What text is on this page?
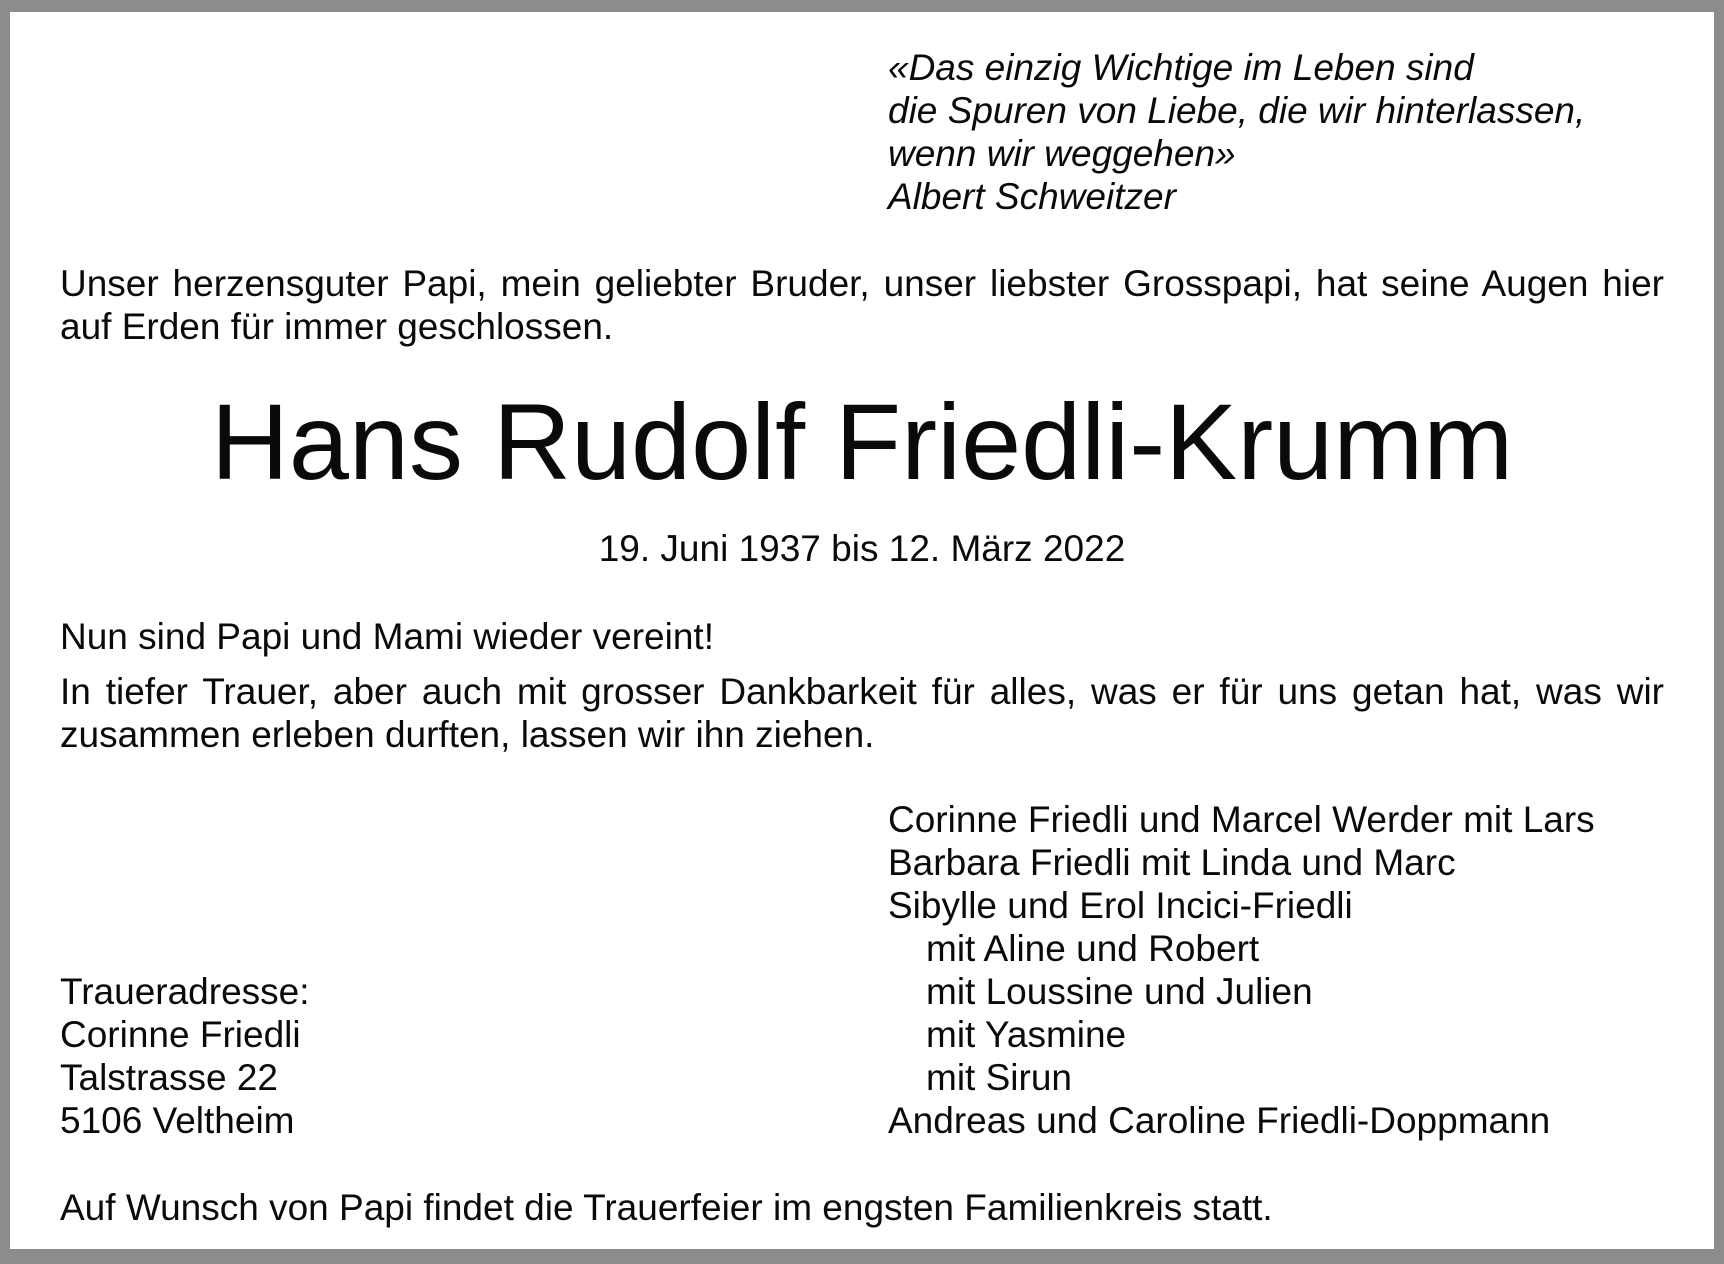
«Das einzig Wichtige im Leben sind
die Spuren von Liebe, die wir hinterlassen,
wenn wir weggehen»
Albert Schweitzer
Unser herzensguter Papi, mein geliebter Bruder, unser liebster Grosspapi, hat seine Augen hier auf Erden für immer geschlossen.
Hans Rudolf Friedli-Krumm
19. Juni 1937 bis 12. März 2022
Nun sind Papi und Mami wieder vereint!
In tiefer Trauer, aber auch mit grosser Dankbarkeit für alles, was er für uns getan hat, was wir zusammen erleben durften, lassen wir ihn ziehen.
Corinne Friedli und Marcel Werder mit Lars
Barbara Friedli mit Linda und Marc
Sibylle und Erol Incici-Friedli
mit Aline und Robert
mit Loussine und Julien
mit Yasmine
mit Sirun
Andreas und Caroline Friedli-Doppmann
Traueradresse:
Corinne Friedli
Talstrasse 22
5106 Veltheim
Auf Wunsch von Papi findet die Trauerfeier im engsten Familienkreis statt.
